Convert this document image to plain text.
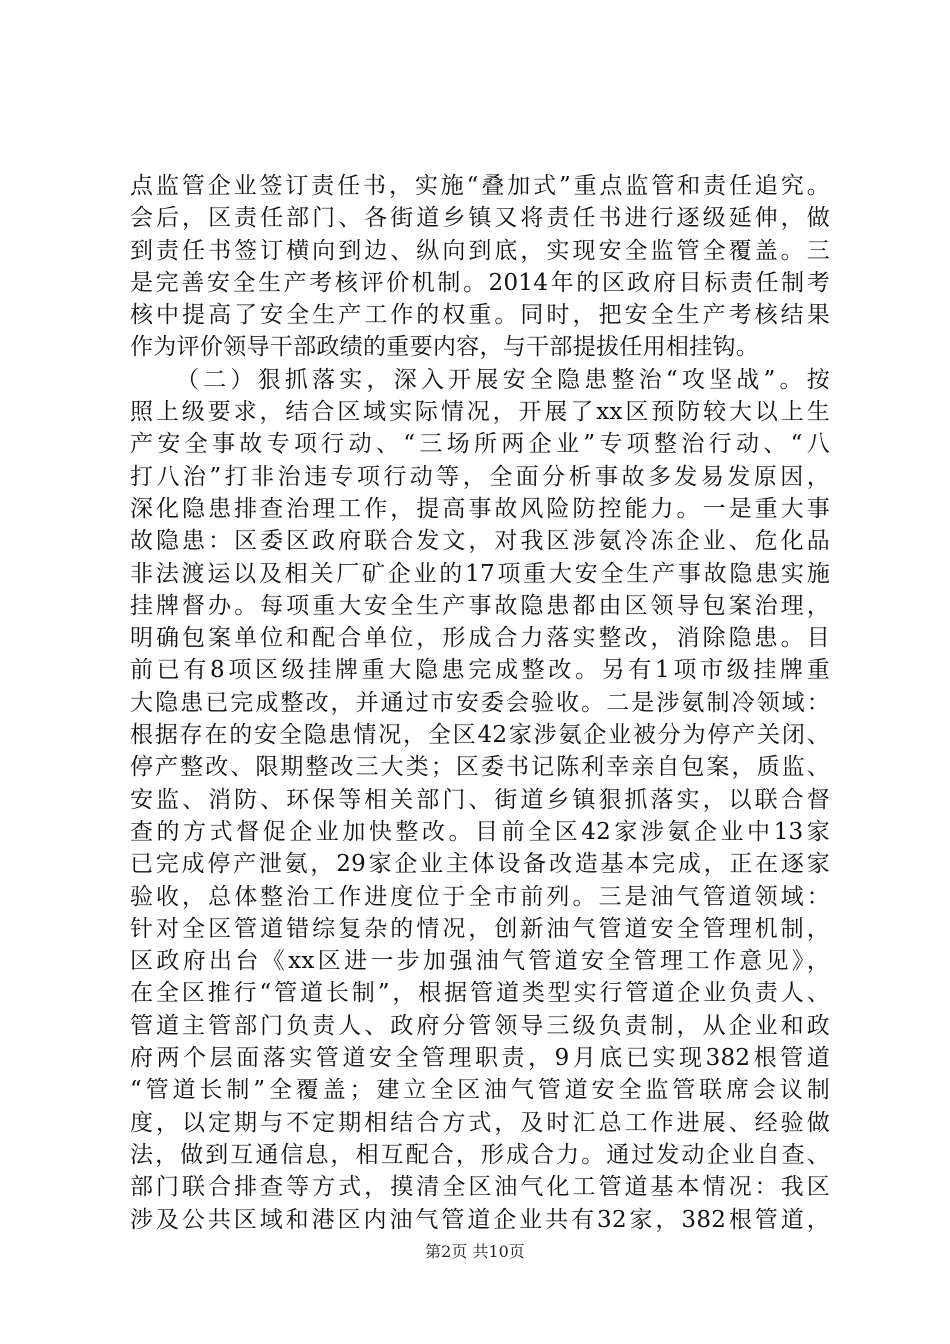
点监管企业签订责任书，实施“叠加式”重点监管和责任追究。
会后，区责任部门、各街道乡镇又将责任书进行逐级延伸，做
到责任书签订横向到边、纵向到底，实现安全监管全覆盖。三
是完善安全生产考核评价机制。2014年的区政府目标责任制考
核中提高了安全生产工作的权重。同时，把安全生产考核结果
作为评价领导干部政绩的重要内容，与干部提拔任用相挂钩。
（二）狠抓落实，深入开展安全隐患整治“攻坚战”。按
照上级要求，结合区域实际情况，开展了xx区预防较大以上生
产安全事故专项行动、“三场所两企业”专项整治行动、“八
打八治”打非治违专项行动等，全面分析事故多发易发原因，
深化隐患排查治理工作，提高事故风险防控能力。一是重大事
故隐患：区委区政府联合发文，对我区涉氨冷冻企业、危化品
非法渡运以及相关厂矿企业的17项重大安全生产事故隐患实施
挂牌督办。每项重大安全生产事故隐患都由区领导包案治理，
明确包案单位和配合单位，形成合力落实整改，消除隐患。目
前已有8项区级挂牌重大隐患完成整改。另有1项市级挂牌重
大隐患已完成整改，并通过市安委会验收。二是涉氨制冷领域：
根据存在的安全隐患情况，全区42家涉氨企业被分为停产关闭、
停产整改、限期整改三大类；区委书记陈利幸亲自包案，质监、
安监、消防、环保等相关部门、街道乡镇狠抓落实，以联合督
查的方式督促企业加快整改。目前全区42家涉氨企业中13家
已完成停产泄氨，29家企业主体设备改造基本完成，正在逐家
验收，总体整治工作进度位于全市前列。三是油气管道领域：
针对全区管道错综复杂的情况，创新油气管道安全管理机制，
区政府出台《xx区进一步加强油气管道安全管理工作意见》，
在全区推行“管道长制”，根据管道类型实行管道企业负责人、
管道主管部门负责人、政府分管领导三级负责制，从企业和政
府两个层面落实管道安全管理职责，9月底已实现382根管道
“管道长制”全覆盖；建立全区油气管道安全监管联席会议制
度，以定期与不定期相结合方式，及时汇总工作进展、经验做
法，做到互通信息，相互配合，形成合力。通过发动企业自查、
部门联合排查等方式，摸清全区油气化工管道基本情况：我区
涉及公共区域和港区内油气管道企业共有32家，382根管道，
第2页 共10页
